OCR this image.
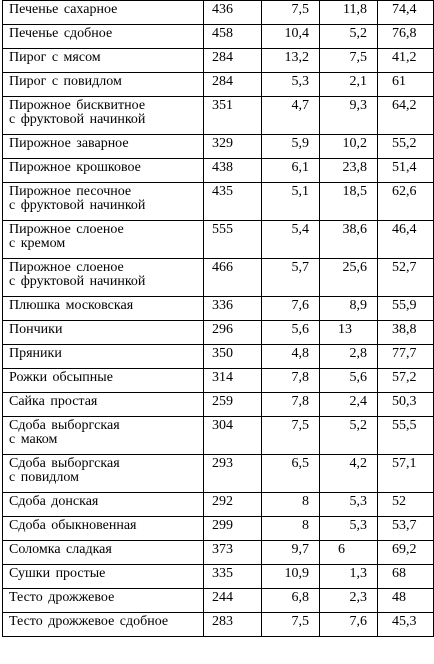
Печенье сахарное	436	7,5	11,8	74,4
Печенье сдобное	458	10,4	5,2	76,8
Пирог с мясом	284	13,2	7,5	41,2
Пирог с повидлом	284	5,3	2,1	61
Пирожное бисквитное
с фруктовой начинкой	351	4,7	9,3	64,2
Пирожное заварное	329	5,9	10,2	55,2
Пирожное крошковое	438	6,1	23,8	51,4
Пирожное песочное
с фруктовой начинкой	435	5,1	18,5	62,6
Пирожное слоеное
с кремом	555	5,4	38,6	46,4
Пирожное слоеное
с фруктовой начинкой	466	5,7	25,6	52,7
Плюшка московская	336	7,6	8,9	55,9
Пончики	296	5,6	13	38,8
Пряники	350	4,8	2,8	77,7
Рожки обсыпные	314	7,8	5,6	57,2
Сайка простая	259	7,8	2,4	50,3
Сдоба выборгская
с маком	304	7,5	5,2	55,5
Сдоба выборгская
с повидлом	293	6,5	4,2	57,1
Сдоба донская	292	8	5,3	52
Сдоба обыкновенная	299	8	5,3	53,7
Соломка сладкая	373	9,7	6	69,2
Сушки простые	335	10,9	1,3	68
Тесто дрожжевое	244	6,8	2,3	48
Тесто дрожжевое сдобное	283	7,5	7,6	45,3
